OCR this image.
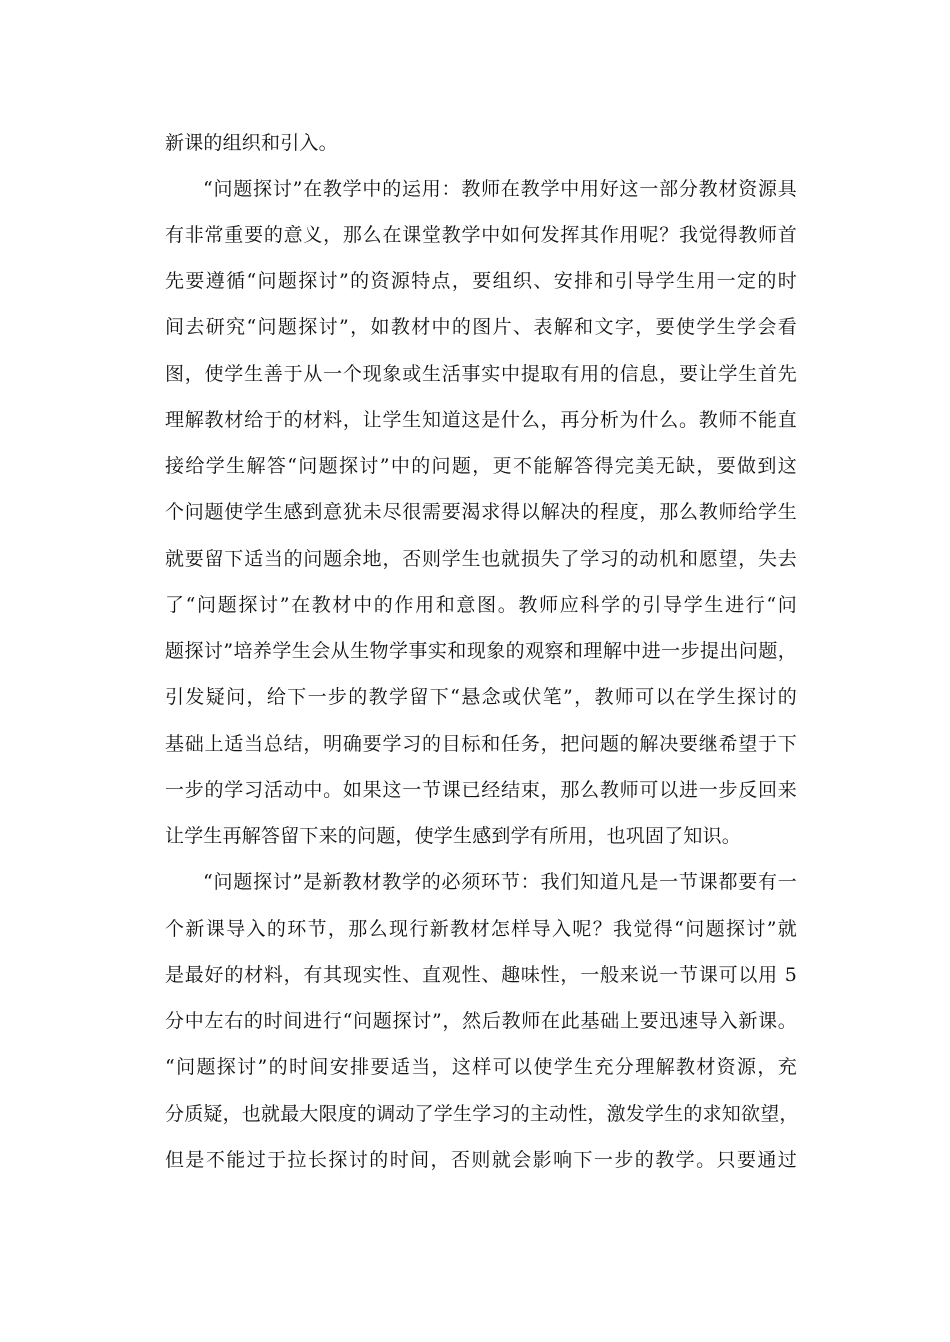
新课的组织和引入。
“问题探讨”在教学中的运用：教师在教学中用好这一部分教材资源具
有非常重要的意义，那么在课堂教学中如何发挥其作用呢？我觉得教师首
先要遵循“问题探讨”的资源特点，要组织、安排和引导学生用一定的时
间去研究“问题探讨”，如教材中的图片、表解和文字，要使学生学会看
图，使学生善于从一个现象或生活事实中提取有用的信息，要让学生首先
理解教材给于的材料，让学生知道这是什么，再分析为什么。教师不能直
接给学生解答“问题探讨”中的问题，更不能解答得完美无缺，要做到这
个问题使学生感到意犹未尽很需要渴求得以解决的程度，那么教师给学生
就要留下适当的问题余地，否则学生也就损失了学习的动机和愿望，失去
了“问题探讨”在教材中的作用和意图。教师应科学的引导学生进行“问
题探讨”培养学生会从生物学事实和现象的观察和理解中进一步提出问题，
引发疑问，给下一步的教学留下“悬念或伏笔”，教师可以在学生探讨的
基础上适当总结，明确要学习的目标和任务，把问题的解决要继希望于下
一步的学习活动中。如果这一节课已经结束，那么教师可以进一步反回来
让学生再解答留下来的问题，使学生感到学有所用，也巩固了知识。
“问题探讨”是新教材教学的必须环节：我们知道凡是一节课都要有一
个新课导入的环节，那么现行新教材怎样导入呢？我觉得“问题探讨”就
是最好的材料，有其现实性、直观性、趣味性，一般来说一节课可以用 5
分中左右的时间进行“问题探讨”，然后教师在此基础上要迅速导入新课。
“问题探讨”的时间安排要适当，这样可以使学生充分理解教材资源，充
分质疑，也就最大限度的调动了学生学习的主动性，激发学生的求知欲望，
但是不能过于拉长探讨的时间，否则就会影响下一步的教学。只要通过
